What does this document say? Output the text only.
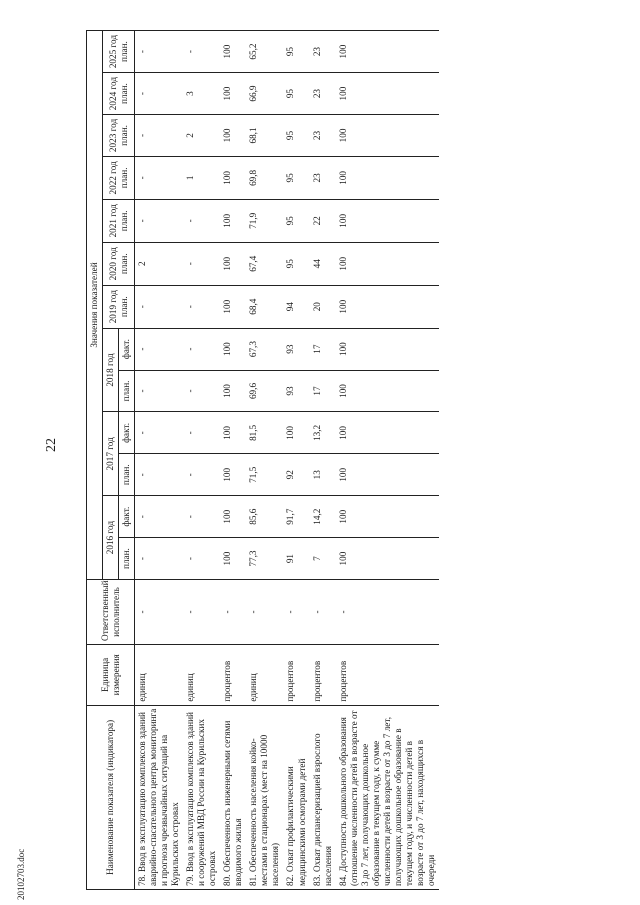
22
20102703.doc	Наименование показателя (индикатора)	Единица измерения	Ответственный исполнитель	Значения показателей												
			2016 год		2017 год		2018 год		2019 год план.	2020 год план.	2021 год план.	2022 год план.	2023 год план.	2024 год план.	2025 год план.
			план.	факт.	план.	факт.	план.	факт.							
78.Ввод в эксплуатацию комплексов зданий аварийно-спасательного центра мониторинга и прогноза чрезвычайных ситуаций на Курильских островах	единиц	-	-	-	-	-	-	-	-	2	-	-	-	-	-
79.Ввод в эксплуатацию комплексов зданий и сооружений МВД России на Курильских островах	единиц	-	-	-	-	-	-	-	-	-	-	1	2	3	-
80.Обеспеченность инженерными сетями вводимого жилья	процентов	-	100	100	100	100	100	100	100	100	100	100	100	100	100
81.Обеспеченность населения койко-местами в стационарах (мест на 10000 населения)	единиц	-	77,3	85,6	71,5	81,5	69,6	67,3	68,4	67,4	71,9	69,8	68,1	66,9	65,2
82.Охват профилактическими медицинскими осмотрами детей	процентов	-	91	91,7	92	100	93	93	94	95	95	95	95	95	95
83.Охват диспансеризацией взрослого населения	процентов	-	7	14,2	13	13,2	17	17	20	44	22	23	23	23	23
84.Доступность дошкольного образования (отношение численности детей в возрасте от 3 до 7 лет, получающих дошкольное образование в текущем году, к сумме численности детей в возрасте от 3 до 7 лет, получающих дошкольное образование в текущем году, и численности детей в возрасте от 3 до 7 лет, находящихся в очереди	процентов	-	100	100	100	100	100	100	100	100	100	100	100	100	100
